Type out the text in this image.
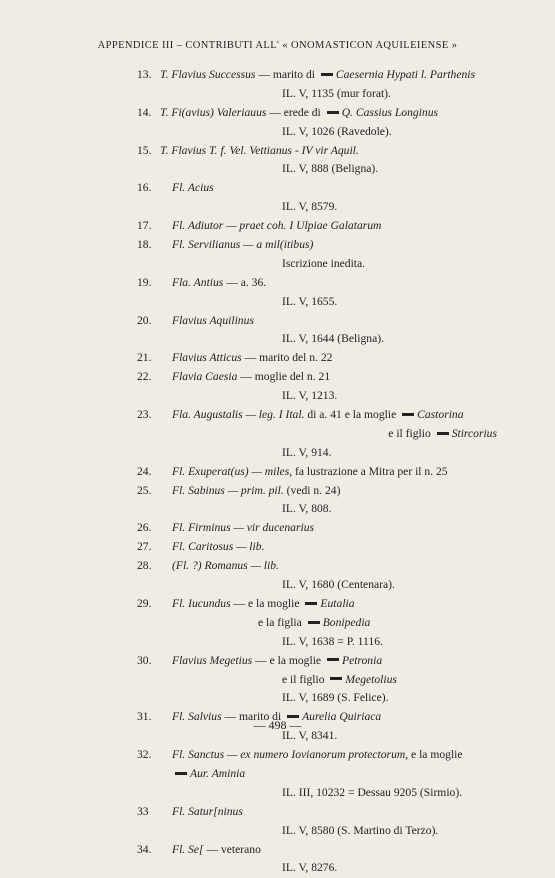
APPENDICE III – CONTRIBUTI ALL' « ONOMASTICON AQUILEIENSE »
13. T. Flavius Successus — marito di Caesernia Hypati l. Parthenis
IL. V, 1135 (mur forat).
14. T. Fi(avius) Valeriauus — erede di Q. Cassius Longinus
IL. V, 1026 (Ravedole).
15. T. Flavius T. f. Vel. Vettianus - IV vir Aquil.
IL. V, 888 (Beligna).
16.	Fl. Acius
IL. V, 8579.
17.	Fl. Adiutor — praet coh. I Ulpiae Galatarum
18.	Fl. Servilianus — a mil(itibus)
Iscrizione inedita.
19.	Fla. Antius — a. 36.
IL. V, 1655.
20.	Flavius Aquilinus
IL. V, 1644 (Beligna).
21.	Flavius Atticus — marito del n. 22
22.	Flavia Caesia — moglie del n. 21
IL. V, 1213.
23.	Fla. Augustalis — leg. I Ital. di a. 41 e la moglie Castorina
e il figlio Stircorius
IL. V, 914.
24.	Fl. Exuperat(us) — miles, fa lustrazione a Mitra per il n. 25
25.	Fl. Sabinus — prim. pil. (vedi n. 24)
IL. V, 808.
26.	Fl. Firminus — vir ducenarius
27.	Fl. Caritosus — lib.
28.	(Fl. ?) Romanus — lib.
IL. V, 1680 (Centenara).
29.	Fl. Iucundus — e la moglie Eutalia
e la figlia Bonipedia
IL. V, 1638 = P. 1116.
30.	Flavius Megetius — e la moglie Petronia
e il figlio Megetolius
IL. V, 1689 (S. Felice).
31.	Fl. Salvius — marito di Aurelia Quiriaca
IL. V, 8341.
32.	Fl. Sanctus — ex numero Iovianorum protectorum, e la moglie
Aur. Aminia
IL. III, 10232 = Dessau 9205 (Sirmio).
33	Fl. Satur[ninus
IL. V, 8580 (S. Martino di Terzo).
34.	Fl. Se[ — veterano
IL. V, 8276.
— 498 —
